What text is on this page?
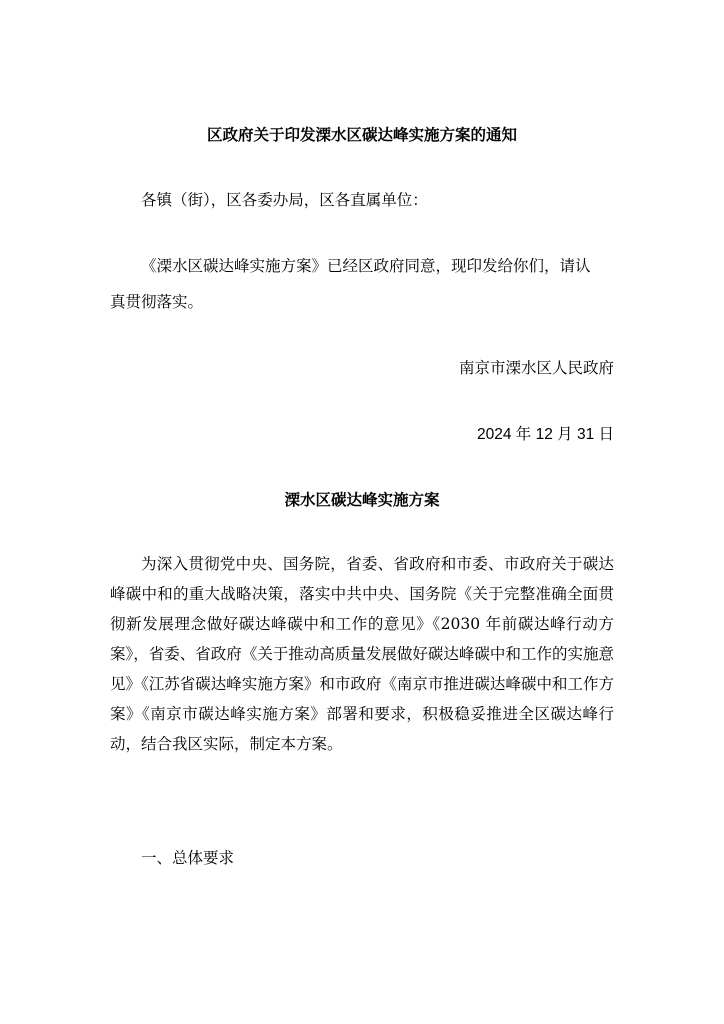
区政府关于印发溧水区碳达峰实施方案的通知
各镇（街），区各委办局，区各直属单位：
《溧水区碳达峰实施方案》已经区政府同意，现印发给你们，请认
真贯彻落实。
南京市溧水区人民政府
2024 年 12 月 31 日
溧水区碳达峰实施方案
为深入贯彻党中央、国务院，省委、省政府和市委、市政府关于碳达峰碳中和的重大战略决策，落实中共中央、国务院《关于完整准确全面贯彻新发展理念做好碳达峰碳中和工作的意见》《2030 年前碳达峰行动方案》，省委、省政府《关于推动高质量发展做好碳达峰碳中和工作的实施意见》《江苏省碳达峰实施方案》和市政府《南京市推进碳达峰碳中和工作方案》《南京市碳达峰实施方案》部署和要求，积极稳妥推进全区碳达峰行动，结合我区实际，制定本方案。
一、总体要求
